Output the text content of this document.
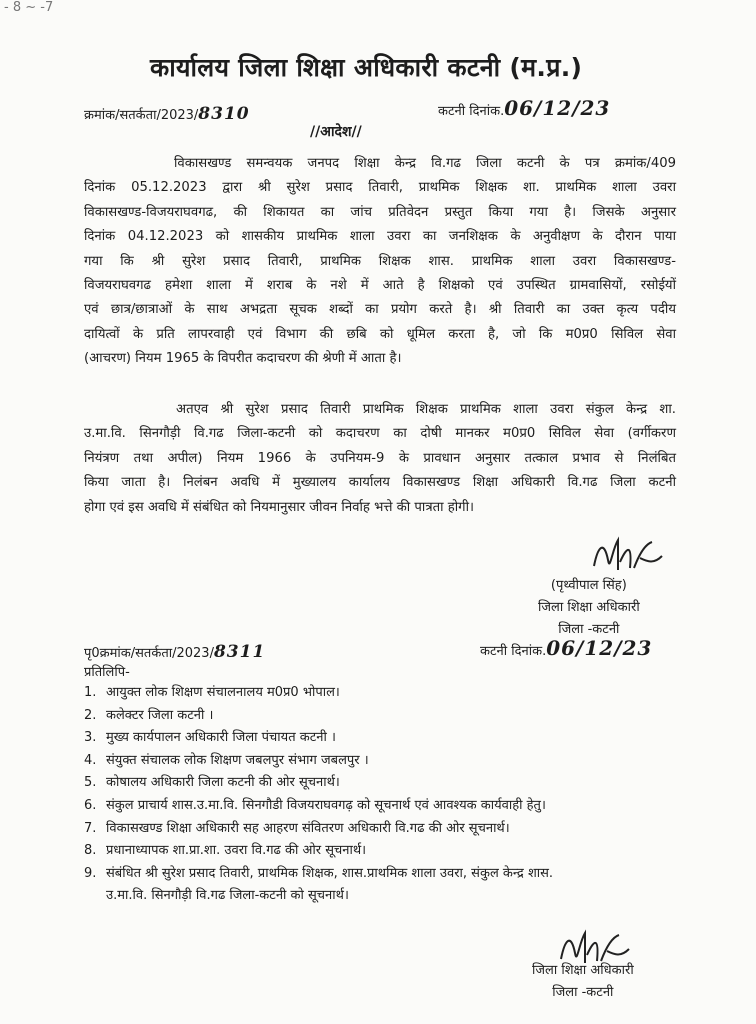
- 8 ~ -7
कार्यालय जिला शिक्षा अधिकारी कटनी (म.प्र.)
क्रमांक/सतर्कता/2023/8310	कटनी दिनांक.06/12/23
//आदेश//
विकासखण्ड समन्वयक जनपद शिक्षा केन्द्र वि.गढ जिला कटनी के पत्र क्रमांक/409
दिनांक 05.12.2023 द्वारा श्री सुरेश प्रसाद तिवारी, प्राथमिक शिक्षक शा. प्राथमिक शाला उवरा
विकासखण्ड-विजयराघवगढ, की शिकायत का जांच प्रतिवेदन प्रस्तुत किया गया है। जिसके अनुसार
दिनांक 04.12.2023 को शासकीय प्राथमिक शाला उवरा का जनशिक्षक के अनुवीक्षण के दौरान पाया
गया कि श्री सुरेश प्रसाद तिवारी, प्राथमिक शिक्षक शास. प्राथमिक शाला उवरा विकासखण्ड-
विजयराघवगढ हमेशा शाला में शराब के नशे में आते है शिक्षको एवं उपस्थित ग्रामवासियों, रसोईयों
एवं छात्र/छात्राओं के साथ अभद्रता सूचक शब्दों का प्रयोग करते है। श्री तिवारी का उक्त कृत्य पदीय
दायित्वों के प्रति लापरवाही एवं विभाग की छबि को धूमिल करता है, जो कि म0प्र0 सिविल सेवा
(आचरण) नियम 1965 के विपरीत कदाचरण की श्रेणी में आता है।
अतएव श्री सुरेश प्रसाद तिवारी प्राथमिक शिक्षक प्राथमिक शाला उवरा संकुल केन्द्र शा.
उ.मा.वि. सिनगौड़ी वि.गढ जिला-कटनी को कदाचरण का दोषी मानकर म0प्र0 सिविल सेवा (वर्गीकरण
नियंत्रण तथा अपील) नियम 1966 के उपनियम-9 के प्रावधान अनुसार तत्काल प्रभाव से निलंबित
किया जाता है। निलंबन अवधि में मुख्यालय कार्यालय विकासखण्ड शिक्षा अधिकारी वि.गढ जिला कटनी
होगा एवं इस अवधि में संबंधित को नियमानुसार जीवन निर्वाह भत्ते की पात्रता होगी।
(पृथ्वीपाल सिंह)
जिला शिक्षा अधिकारी
जिला -कटनी
पृ0क्रमांक/सतर्कता/2023/8311	कटनी दिनांक.06/12/23
प्रतिलिपि-
1. आयुक्त लोक शिक्षण संचालनालय म0प्र0 भोपाल।
2. कलेक्टर जिला कटनी ।
3. मुख्य कार्यपालन अधिकारी जिला पंचायत कटनी ।
4. संयुक्त संचालक लोक शिक्षण जबलपुर संभाग जबलपुर ।
5. कोषालय अधिकारी जिला कटनी की ओर सूचनार्थ।
6. संकुल प्राचार्य शास.उ.मा.वि. सिनगौडी विजयराघवगढ़ को सूचनार्थ एवं आवश्यक कार्यवाही हेतु।
7. विकासखण्ड शिक्षा अधिकारी सह आहरण संवितरण अधिकारी वि.गढ की ओर सूचनार्थ।
8. प्रधानाध्यापक शा.प्रा.शा. उवरा वि.गढ की ओर सूचनार्थ।
9. संबंधित श्री सुरेश प्रसाद तिवारी, प्राथमिक शिक्षक, शास.प्राथमिक शाला उवरा, संकुल केन्द्र शास.
उ.मा.वि. सिनगौड़ी वि.गढ जिला-कटनी को सूचनार्थ।
जिला शिक्षा अधिकारी
जिला -कटनी
